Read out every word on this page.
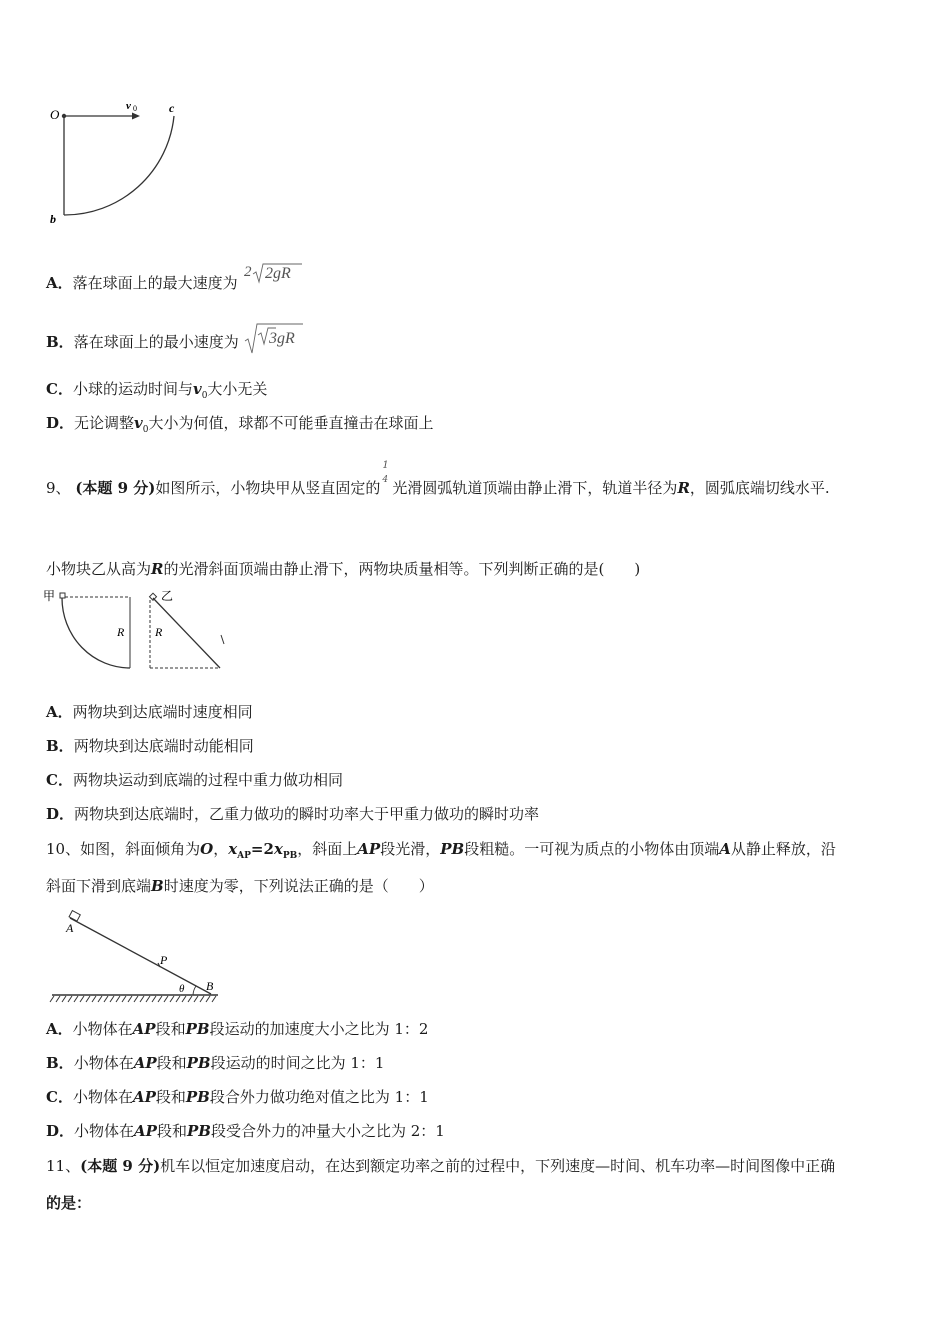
O
v 0	c
b
A．落在球面上的最大速度为
2 2gR
B．落在球面上的最小速度为 3gR
C．小球的运动时间与$v_0$大小无关
D．无论调整$v_0$大小为何值，球都不可能垂直撞击在球面上
9、 (本题 9 分)如图所示，小物块甲从竖直固定的
1
4 光滑圆弧轨道顶端由静止滑下，轨道半径为R，圆弧底端切线水平.
小物块乙从高为R的光滑斜面顶端由静止滑下，两物块质量相等。下列判断正确的是(　　)
甲
R
乙
R
A．两物块到达底端时速度相同
B．两物块到达底端时动能相同
C．两物块运动到底端的过程中重力做功相同
D．两物块到达底端时，乙重力做功的瞬时功率大于甲重力做功的瞬时功率
10、如图，斜面倾角为O，$x_{AP}=2x_{PB}$，斜面上AP段光滑，PB段粗糙。一可视为质点的小物体由顶端A从静止释放，沿
斜面下滑到底端B时速度为零，下列说法正确的是（　　）
A
P
B
θ
A．小物体在AP段和PB段运动的加速度大小之比为 1：2
B．小物体在AP段和PB段运动的时间之比为 1：1
C．小物体在AP段和PB段合外力做功绝对值之比为 1：1
D．小物体在AP段和PB段受合外力的冲量大小之比为 2：1
11、(本题 9 分)机车以恒定加速度启动，在达到额定功率之前的过程中，下列速度—时间、机车功率—时间图像中正确
的是：
